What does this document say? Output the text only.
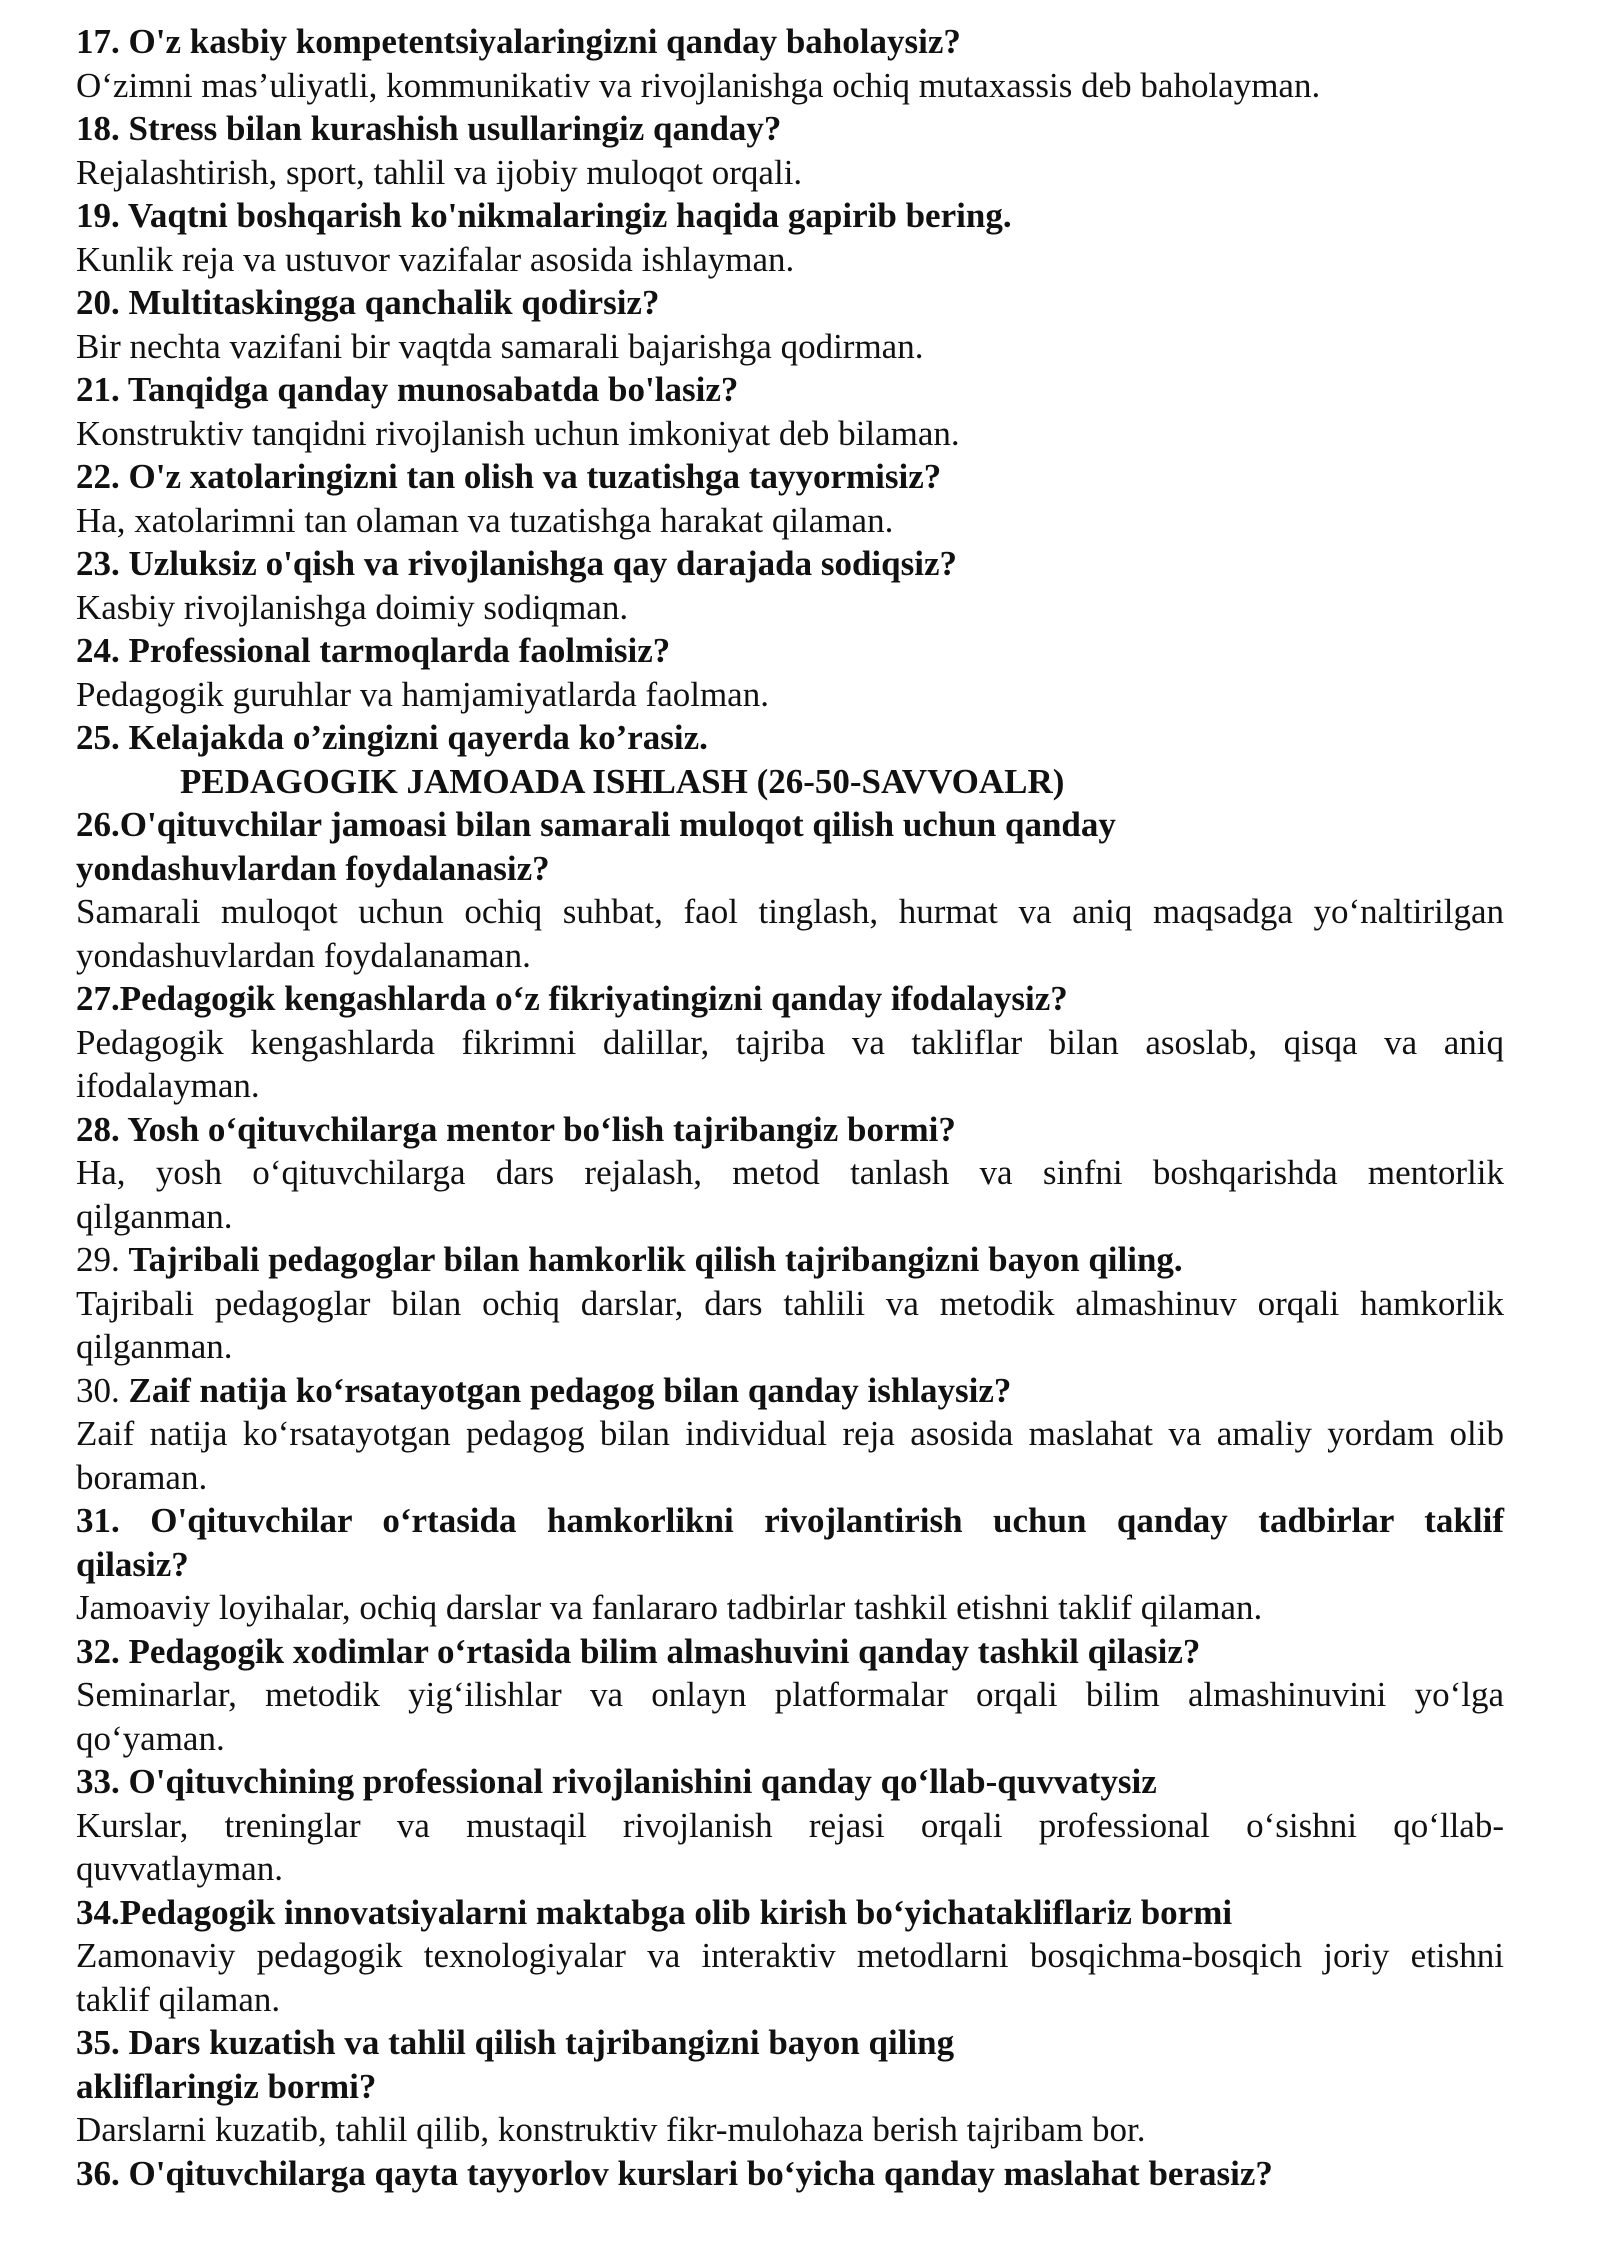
17. O'z kasbiy kompetentsiyalaringizni qanday baholaysiz?

O‘zimni mas’uliyatli, kommunikativ va rivojlanishga ochiq mutaxassis deb baholayman.

18. Stress bilan kurashish usullaringiz qanday?

Rejalashtirish, sport, tahlil va ijobiy muloqot orqali.

19. Vaqtni boshqarish ko'nikmalaringiz haqida gapirib bering.

Kunlik reja va ustuvor vazifalar asosida ishlayman.

20. Multitaskingga qanchalik qodirsiz?

Bir nechta vazifani bir vaqtda samarali bajarishga qodirman.

21. Tanqidga qanday munosabatda bo'lasiz?

Konstruktiv tanqidni rivojlanish uchun imkoniyat deb bilaman.

22. O'z xatolaringizni tan olish va tuzatishga tayyormisiz?

Ha, xatolarimni tan olaman va tuzatishga harakat qilaman.

23. Uzluksiz o'qish va rivojlanishga qay darajada sodiqsiz?

Kasbiy rivojlanishga doimiy sodiqman.

24. Professional tarmoqlarda faolmisiz?

Pedagogik guruhlar va hamjamiyatlarda faolman.

25. Kelajakda o’zingizni qayerda ko’rasiz.

PEDAGOGIK JAMOADA ISHLASH (26-50-SAVVOALR)

26.O'qituvchilar jamoasi bilan samarali muloqot qilish uchun qanday

yondashuvlardan foydalanasiz?

Samarali muloqot uchun ochiq suhbat, faol tinglash, hurmat va aniq maqsadga yo‘naltirilgan
yondashuvlardan foydalanaman.

27.Pedagogik kengashlarda o‘z fikriyatingizni qanday ifodalaysiz?

Pedagogik kengashlarda fikrimni dalillar, tajriba va takliflar bilan asoslab, qisqa va aniq
ifodalayman.

28. Yosh o‘qituvchilarga mentor bo‘lish tajribangiz bormi?

Ha, yosh o‘qituvchilarga dars rejalash, metod tanlash va sinfni boshqarishda mentorlik
qilganman.

29. Tajribali pedagoglar bilan hamkorlik qilish tajribangizni bayon qiling.

Tajribali pedagoglar bilan ochiq darslar, dars tahlili va metodik almashinuv orqali hamkorlik
qilganman.

30. Zaif natija ko‘rsatayotgan pedagog bilan qanday ishlaysiz?

Zaif natija ko‘rsatayotgan pedagog bilan individual reja asosida maslahat va amaliy yordam olib
boraman.

31. O'qituvchilar o‘rtasida hamkorlikni rivojlantirish uchun qanday tadbirlar taklif
qilasiz?

Jamoaviy loyihalar, ochiq darslar va fanlararo tadbirlar tashkil etishni taklif qilaman.

32. Pedagogik xodimlar o‘rtasida bilim almashuvini qanday tashkil qilasiz?

Seminarlar, metodik yig‘ilishlar va onlayn platformalar orqali bilim almashinuvini yo‘lga
qo‘yaman.

33. O'qituvchining professional rivojlanishini qanday qo‘llab-quvvatysiz

Kurslar, treninglar va mustaqil rivojlanish rejasi orqali professional o‘sishni qo‘llab-
quvvatlayman.

34.Pedagogik innovatsiyalarni maktabga olib kirish bo‘yichatakliflariz bormi

Zamonaviy pedagogik texnologiyalar va interaktiv metodlarni bosqichma-bosqich joriy etishni
taklif qilaman.

35. Dars kuzatish va tahlil qilish tajribangizni bayon qiling

akliflaringiz bormi?

Darslarni kuzatib, tahlil qilib, konstruktiv fikr-mulohaza berish tajribam bor.

36. O'qituvchilarga qayta tayyorlov kurslari bo‘yicha qanday maslahat berasiz?
